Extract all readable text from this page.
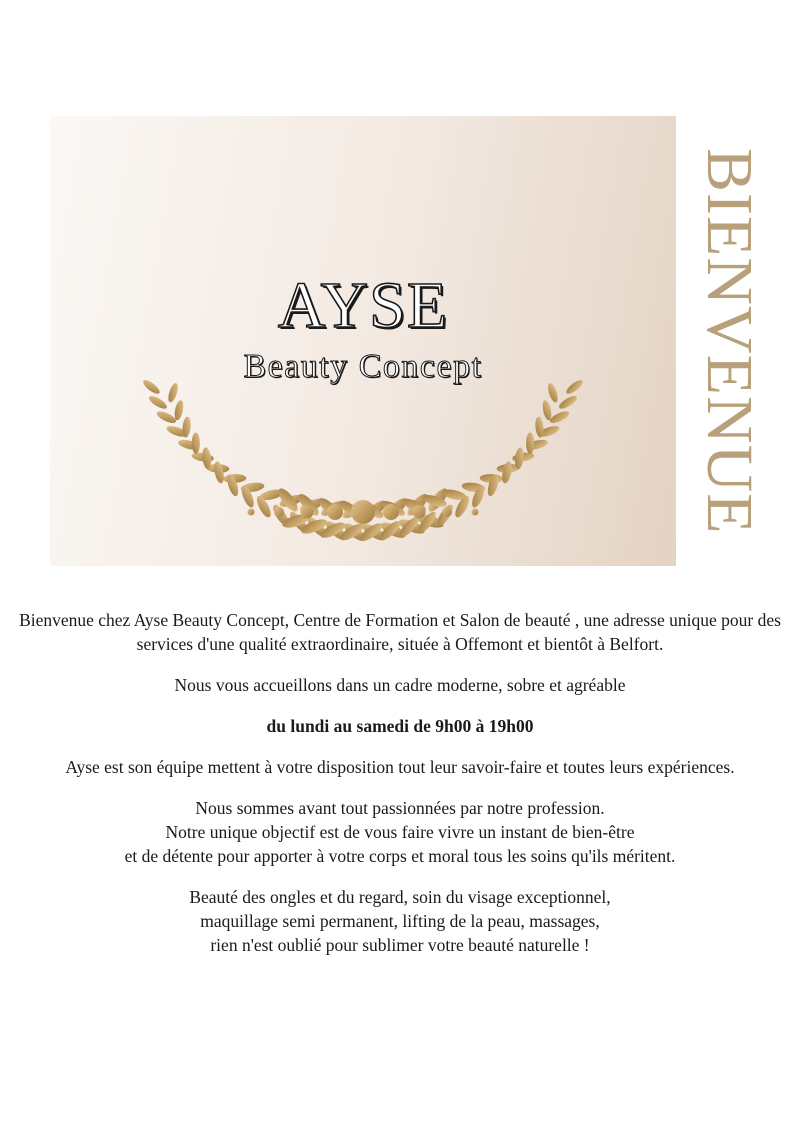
AYSE
Beauty Concept	BIENVENUE

Bienvenue chez Ayse Beauty Concept, Centre de Formation et Salon de beauté , une adresse unique pour des services d'une qualité extraordinaire, située à Offemont et bientôt à Belfort.

Nous vous accueillons dans un cadre moderne, sobre et agréable

du lundi au samedi de 9h00 à 19h00

Ayse est son équipe mettent à votre disposition tout leur savoir-faire et toutes leurs expériences.

Nous sommes avant tout passionnées par notre profession.
Notre unique objectif est de vous faire vivre un instant de bien-être
et de détente pour apporter à votre corps et moral tous les soins qu'ils méritent.

Beauté des ongles et du regard, soin du visage exceptionnel,
maquillage semi permanent, lifting de la peau, massages,
rien n'est oublié pour sublimer votre beauté naturelle !
